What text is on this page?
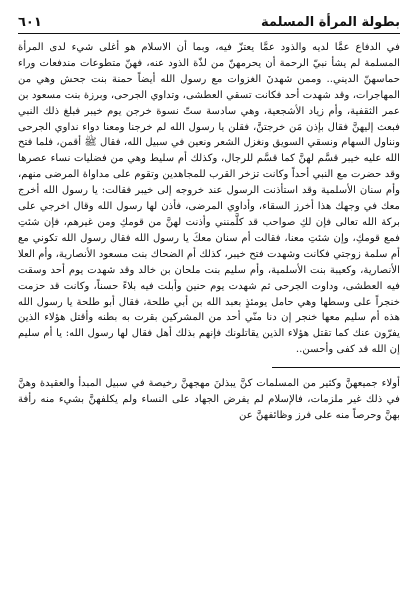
بطولة المرأة المسلمة
٦٠١

في الدفاع عمَّا لديه والذود عمَّا يعتزّ فيه، وبما أن الاسلام هو أغلى شيء لدى المرأة المسلمة لم يشأ نبيّ الرحمة أن يحرمهنّ من لذّة الذود عنه، فهنّ متطوعات مندفعات وراء حماسهنّ الديني.. وممن شهدنَ الغزوات مع رسول الله أيضاً حمنة بنت جحش وهي من المهاجرات، وقد شهدت أحد فكانت تسقي العطشى، وتداوي الجرحى، وبرزة بنت مسعود بن عمر الثقفية، وأم زياد الأشجعية، وهي سادسة ستّ نسوة خرجن يوم خيبر فبلغ ذلك النبي فبعث إليهنَّ فقال بإذن مَن خرجتنَّ، فقلن يا رسول الله لم خرجنا ومعنا دواء نداوي الجرحى ونناول السهام ونسقي السويق ونغزل الشعر ونعين في سبيل الله، فقال ﷺ أقمن، فلما فتح الله عليه خيبر قسَّم لهنَّ كما قسَّم للرجال، وكذلك أم سليط وهي من فضليات نساء عصرها وقد حضرت مع النبي أحداً وكانت تزخر القرب للمجاهدين وتقوم على مداواة المرضى منهم، وأم سنان الأسلمية وقد استأذنت الرسول عند خروجه إلى خيبر فقالت: يا رسول الله أخرج معك في وجهك هذا أخرز السقاء، وأداوي المرضى، فأذن لها رسول الله وقال اخرجي على بركة الله تعالى فإن لكِ صواحب قد كلَّمنني وأذنت لهنَّ من قومكِ ومن غيرهم، فإن شئتِ فمع قومكِ، وإن شئتِ معنا، فقالت أم سنان معكَ يا رسول الله فقال رسول الله تكوني مع أم سلمة زوجتي فكانت وشهدت فتح خيبر، كذلك أم الضحاك بنت مسعود الأنصارية، وأم العلا الأنصارية، وكعيبة بنت الأسلمية، وأم سليم بنت ملحان بن خالد وقد شهدت يوم أحد وسقت فيه العطشى، وداوت الجرحى ثم شهدت يوم حنين وأبلت فيه بلاءً حسناً، وكانت قد حزمت خنجراً على وسطها وهي حامل يومئذٍ بعبد الله بن أبي طلحة، فقال أبو طلحة يا رسول الله هذه أم سليم معها خنجر إن دنا منّي أحد من المشركين بقرت به بطنه وأقتل هؤلاء الذين يفرّون عنك كما تقتل هؤلاء الذين يقاتلونك فإنهم بذلك أهل فقال لها رسول الله: يا أم سليم إن الله قد كفى وأحسن..

أولاء جميعهنَّ وكثير من المسلمات كنَّ يبذلنَ مهجهنَّ رخيصة في سبيل المبدأ والعقيدة وهنَّ في ذلك غير ملزمات، فالإسلام لم يفرض الجهاد على النساء ولم يكلفهنَّ بشيء منه رأفة بهنَّ وحرصاً منه على فرز وظائفهنَّ عن
